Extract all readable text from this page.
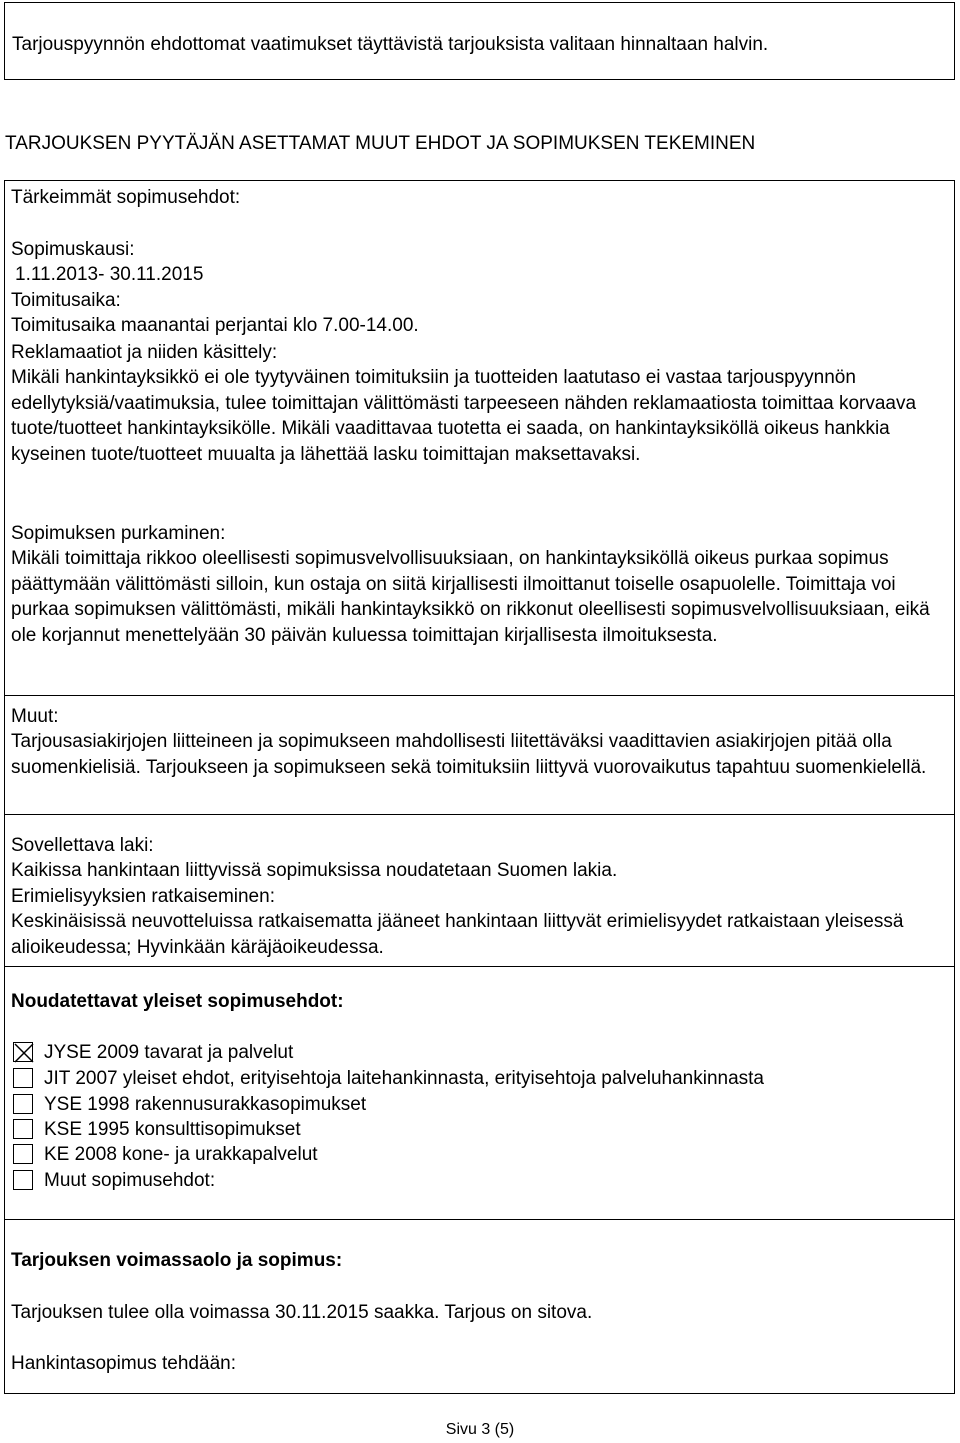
Tarjouspyynnön ehdottomat vaatimukset täyttävistä tarjouksista valitaan hinnaltaan halvin.

TARJOUKSEN PYYTÄJÄN ASETTAMAT MUUT EHDOT JA SOPIMUKSEN TEKEMINEN

Tärkeimmät sopimusehdot:

Sopimuskausi:

1.11.2013- 30.11.2015

Toimitusaika:

Toimitusaika maanantai perjantai klo 7.00-14.00.

Reklamaatiot ja niiden käsittely:

Mikäli hankintayksikkö ei ole tyytyväinen toimituksiin ja tuotteiden laatutaso ei vastaa tarjouspyynnön edellytyksiä/vaatimuksia, tulee toimittajan välittömästi tarpeeseen nähden reklamaatiosta toimittaa korvaava tuote/tuotteet hankintayksikölle. Mikäli vaadittavaa tuotetta ei saada, on hankintayksiköllä oikeus hankkia kyseinen tuote/tuotteet muualta ja lähettää lasku toimittajan maksettavaksi.

Sopimuksen purkaminen:

Mikäli toimittaja rikkoo oleellisesti sopimusvelvollisuuksiaan, on hankintayksiköllä oikeus purkaa sopimus päättymään välittömästi silloin, kun ostaja on siitä kirjallisesti ilmoittanut toiselle osapuolelle. Toimittaja voi purkaa sopimuksen välittömästi, mikäli hankintayksikkö on rikkonut oleellisesti sopimusvelvollisuuksiaan, eikä ole korjannut menettelyään 30 päivän kuluessa toimittajan kirjallisesta ilmoituksesta.

Muut:

Tarjousasiakirjojen liitteineen ja sopimukseen mahdollisesti liitettäväksi vaadittavien asiakirjojen pitää olla suomenkielisiä. Tarjoukseen ja sopimukseen sekä toimituksiin liittyvä vuorovaikutus tapahtuu suomenkielellä.

Sovellettava laki:

Kaikissa hankintaan liittyvissä sopimuksissa noudatetaan Suomen lakia.

Erimielisyyksien ratkaiseminen:

Keskinäisissä neuvotteluissa ratkaisematta jääneet hankintaan liittyvät erimielisyydet ratkaistaan yleisessä alioikeudessa; Hyvinkään käräjäoikeudessa.

Noudatettavat yleiset sopimusehdot:

JYSE 2009 tavarat ja palvelut
JIT 2007 yleiset ehdot, erityisehtoja laitehankinnasta, erityisehtoja palveluhankinnasta
YSE 1998 rakennusurakkasopimukset
KSE 1995 konsulttisopimukset
KE 2008 kone- ja urakkapalvelut
Muut sopimusehdot:

Tarjouksen voimassaolo ja sopimus:

Tarjouksen tulee olla voimassa 30.11.2015 saakka. Tarjous on sitova.

Hankintasopimus tehdään:

Sivu 3 (5)
